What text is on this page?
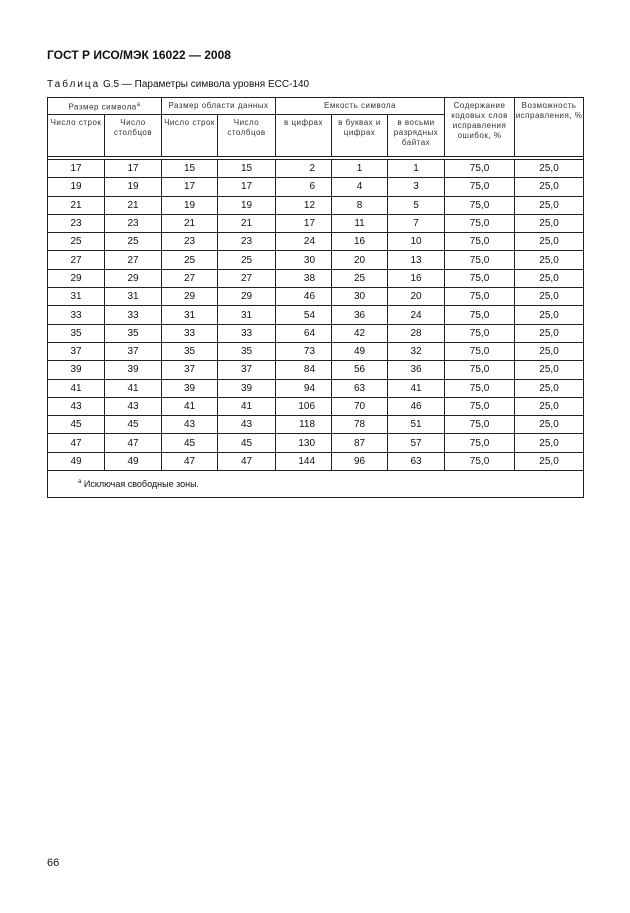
ГОСТ Р ИСО/МЭК 16022 — 2008
Таблица G.5 — Параметры символа уровня ECC-140
Размер символа$^a$		Размер области данных		Емкость символа			Содержание кодовых слов исправления ошибок, %	Возможность исправления, %
Число строк	Число столбцов	Число строк	Число столбцов	в цифрах	в буквах и цифрах	в восьми разрядных байтах		

17	17	15	15	2	1	1	75,0	25,0
19	19	17	17	6	4	3	75,0	25,0
21	21	19	19	12	8	5	75,0	25,0
23	23	21	21	17	11	7	75,0	25,0
25	25	23	23	24	16	10	75,0	25,0
27	27	25	25	30	20	13	75,0	25,0
29	29	27	27	38	25	16	75,0	25,0
31	31	29	29	46	30	20	75,0	25,0
33	33	31	31	54	36	24	75,0	25,0
35	35	33	33	64	42	28	75,0	25,0
37	37	35	35	73	49	32	75,0	25,0
39	39	37	37	84	56	36	75,0	25,0
41	41	39	39	94	63	41	75,0	25,0
43	43	41	41	106	70	46	75,0	25,0
45	45	43	43	118	78	51	75,0	25,0
47	47	45	45	130	87	57	75,0	25,0
49	49	47	47	144	96	63	75,0	25,0
$^a$ Исключая свободные зоны.								
66
